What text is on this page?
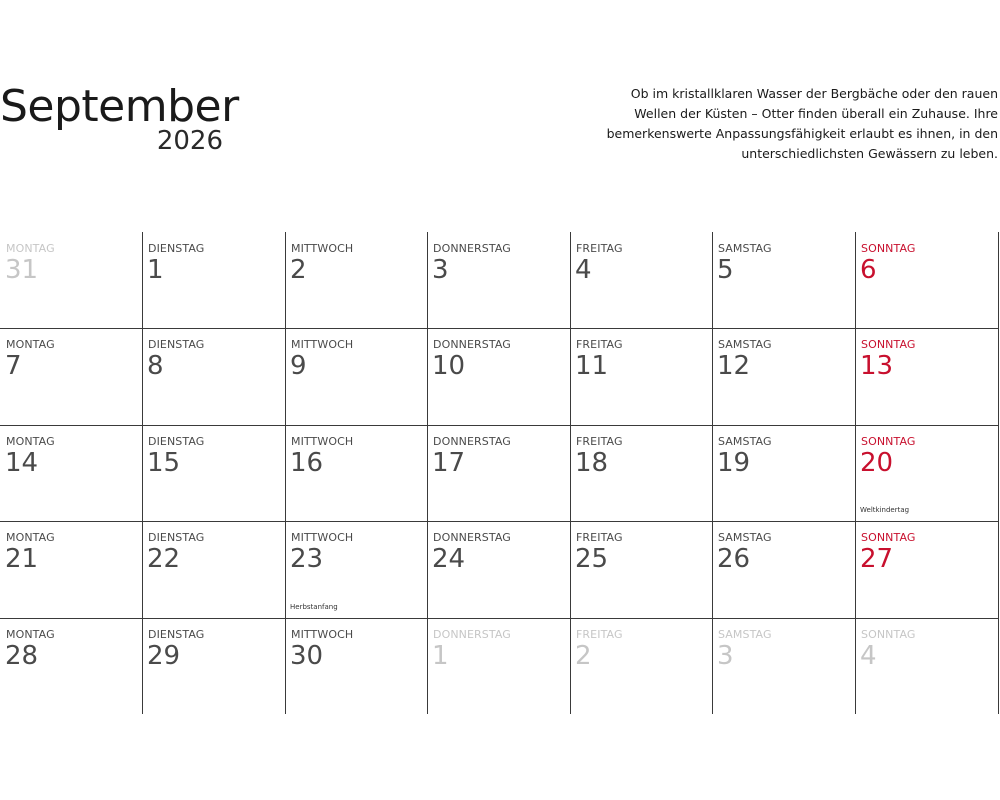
September
2026
Ob im kristallklaren Wasser der Bergbäche oder den rauen Wellen der Küsten – Otter finden überall ein Zuhause. Ihre bemerkenswerte Anpassungsfähigkeit erlaubt es ihnen, in den unterschiedlichsten Gewässern zu leben.
MONTAG
31
DIENSTAG
1
MITTWOCH
2
DONNERSTAG
3
FREITAG
4
SAMSTAG
5
SONNTAG
6
MONTAG
7
DIENSTAG
8
MITTWOCH
9
DONNERSTAG
10
FREITAG
11
SAMSTAG
12
SONNTAG
13
MONTAG
14
DIENSTAG
15
MITTWOCH
16
DONNERSTAG
17
FREITAG
18
SAMSTAG
19
SONNTAG
20
Weltkindertag
MONTAG
21
DIENSTAG
22
MITTWOCH
23
Herbstanfang
DONNERSTAG
24
FREITAG
25
SAMSTAG
26
SONNTAG
27
MONTAG
28
DIENSTAG
29
MITTWOCH
30
DONNERSTAG
1
FREITAG
2
SAMSTAG
3
SONNTAG
4
